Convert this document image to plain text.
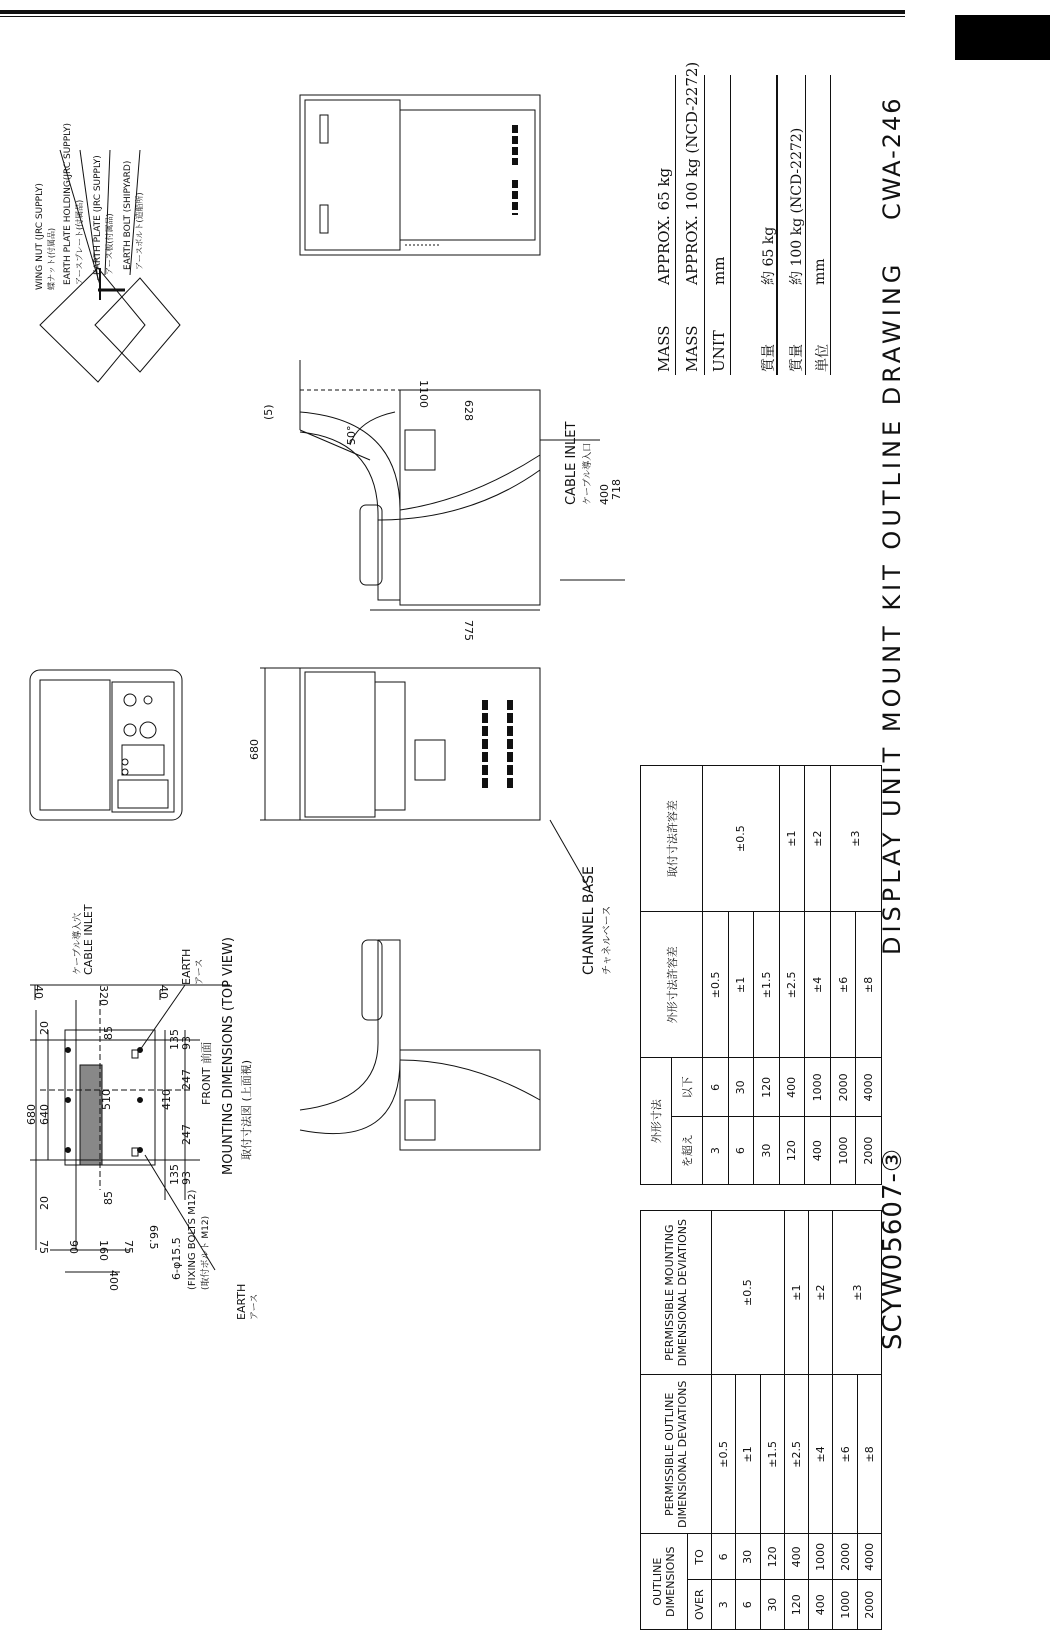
SCYW05607-③
DISPLAY UNIT MOUNT KIT OUTLINE DRAWING
CWA-246
MASS
APPROX. 65 kg
MASS
APPROX. 100 kg (NCD-2272)
UNIT
mm
質量
約 65 kg
質量
約 100 kg (NCD-2272)
単位
mm
1100
628
775
718
400
(5)
50°	CABLE INLET ケーブル導入口
680
CHANNEL BASE チャネルベース
WING NUT (JRC SUPPLY) 蝶ナット(付属品) EARTH PLATE HOLDING(JRC SUPPLY) アースプレート(付属品) EARTH PLATE (JRC SUPPLY) アース板(付属品) EARTH BOLT (SHIPYARD) アースボルト(造船所)
MOUNTING DIMENSIONS (TOP VIEW) 取付寸法図 (上面視)
FRONT 前面
EARTH アース
EARTH アース
ケーブル導入穴 CABLE INLET
6-φ15.5 (FIXING BOLTS M12) (取付ボルト M12)
680 640
510	410
247
247
135
135
93
93
85
85
20
20
400
320
40	40
75	75
160
90	66.5
OUTLINE DIMENSIONS		PERMISSIBLE OUTLINE DIMENSIONAL DEVIATIONS	PERMISSIBLE MOUNTING DIMENSIONAL DEVIATIONS
OVER	TO		
3	6	±0.5	±0.5
6	30	±1	
30	120	±1.5	
120	400	±2.5	±1
400	1000	±4	±2
1000	2000	±6	±3
2000	4000	±8	
外形寸法		外形寸法許容差	取付寸法許容差
を超え	以下		
3	6	±0.5	±0.5
6	30	±1	
30	120	±1.5	
120	400	±2.5	±1
400	1000	±4	±2
1000	2000	±6	±3
2000	4000	±8	
